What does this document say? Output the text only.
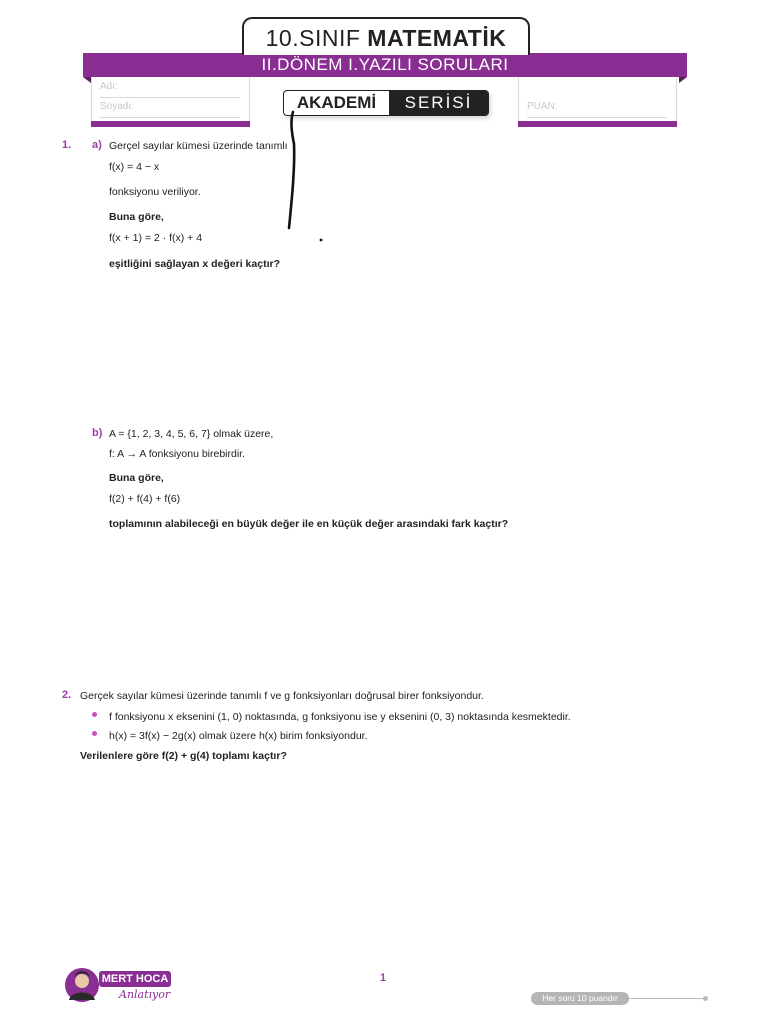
10.SINIF MATEMATİK
II.DÖNEM I.YAZILI SORULARI
Adı:
Soyadı:	PUAN:
AKADEMİ	SERİSİ
1. a) Gerçel sayılar kümesi üzerinde tanımlı
f(x) = 4 − x
fonksiyonu veriliyor.
Buna göre,
f(x + 1) = 2 · f(x) + 4
eşitliğini sağlayan x değeri kaçtır?
b) A = {1, 2, 3, 4, 5, 6, 7} olmak üzere,
f: A → A fonksiyonu birebirdir.
Buna göre,
f(2) + f(4) + f(6)
toplamının alabileceği en büyük değer ile en küçük değer arasındaki fark kaçtır?
2. Gerçek sayılar kümesi üzerinde tanımlı f ve g fonksiyonları doğrusal birer fonksiyondur.
f fonksiyonu x eksenini (1, 0) noktasında, g fonksiyonu ise y eksenini (0, 3) noktasında kesmektedir.
h(x) = 3f(x) − 2g(x) olmak üzere h(x) birim fonksiyondur.
Verilenlere göre f(2) + g(4) toplamı kaçtır?
MERT HOCA
Anlatıyor
1
Her soru 10 puandır
